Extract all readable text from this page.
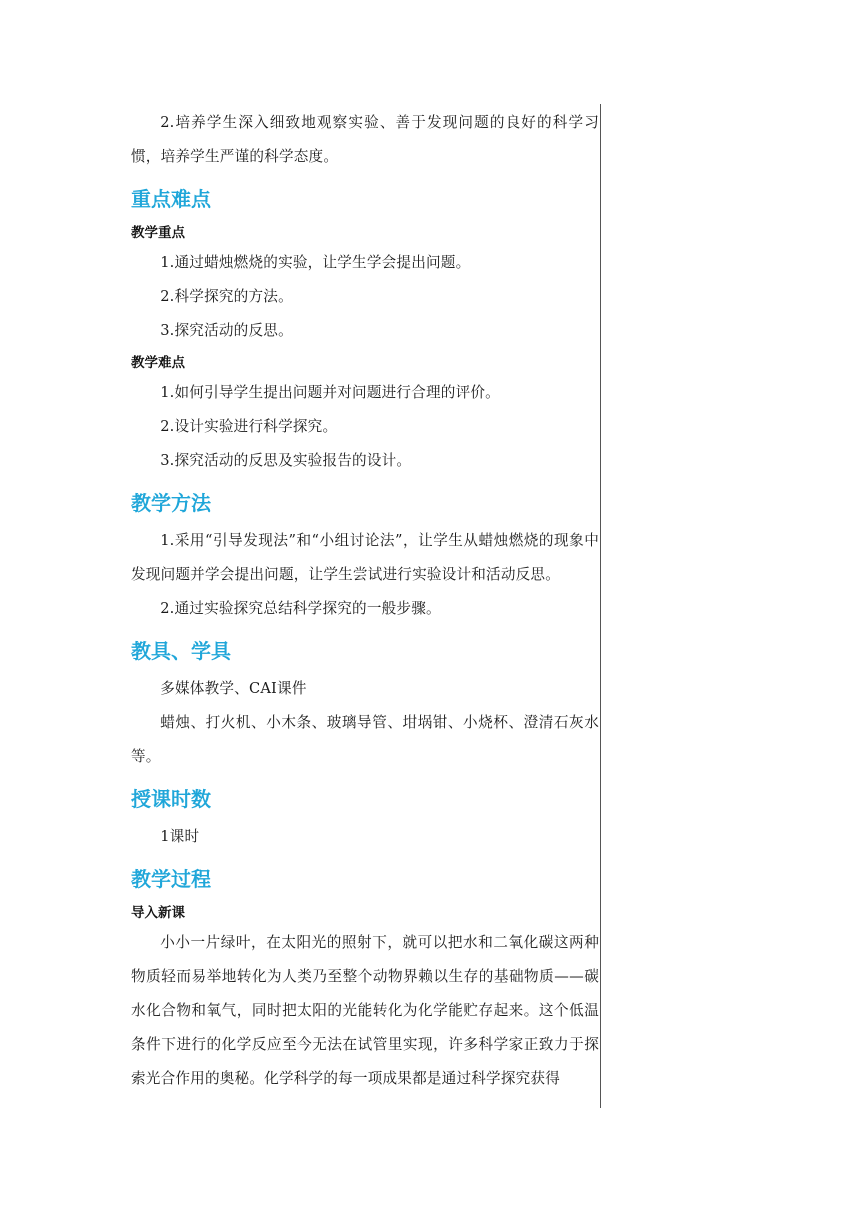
2.培养学生深入细致地观察实验、善于发现问题的良好的科学习惯，培养学生严谨的科学态度。

重点难点
教学重点

1.通过蜡烛燃烧的实验，让学生学会提出问题。

2.科学探究的方法。

3.探究活动的反思。

教学难点

1.如何引导学生提出问题并对问题进行合理的评价。

2.设计实验进行科学探究。

3.探究活动的反思及实验报告的设计。

教学方法

1.采用“引导发现法”和“小组讨论法”，让学生从蜡烛燃烧的现象中发现问题并学会提出问题，让学生尝试进行实验设计和活动反思。

2.通过实验探究总结科学探究的一般步骤。

教具、学具

多媒体教学、CAI课件

蜡烛、打火机、小木条、玻璃导管、坩埚钳、小烧杯、澄清石灰水等。

授课时数

1课时

教学过程
导入新课

小小一片绿叶，在太阳光的照射下，就可以把水和二氧化碳这两种物质轻而易举地转化为人类乃至整个动物界赖以生存的基础物质——碳水化合物和氧气，同时把太阳的光能转化为化学能贮存起来。这个低温条件下进行的化学反应至今无法在试管里实现，许多科学家正致力于探索光合作用的奥秘。化学科学的每一项成果都是通过科学探究获得
